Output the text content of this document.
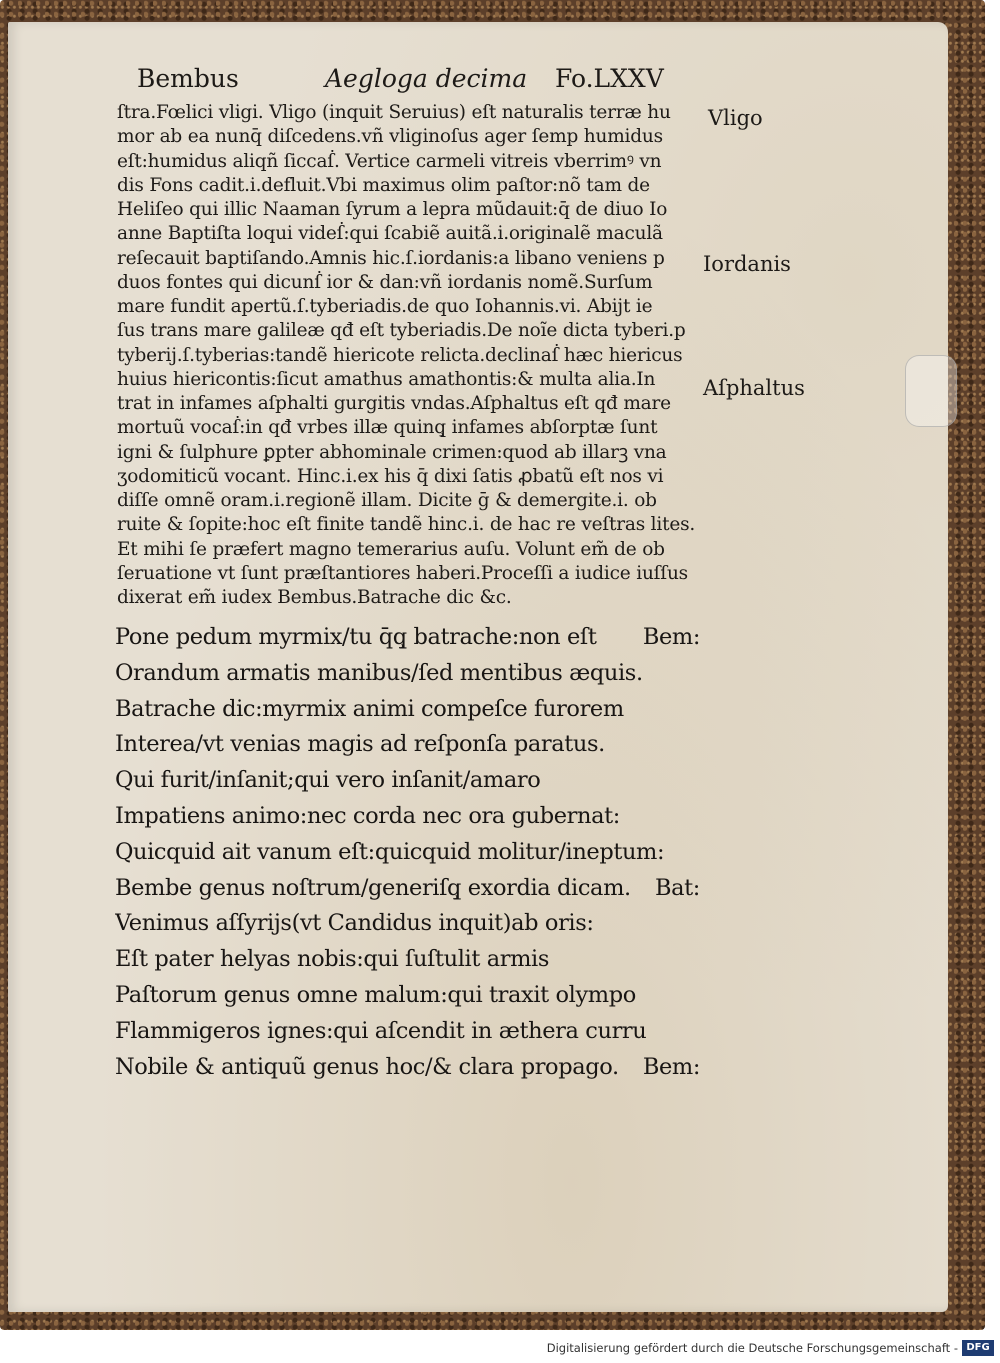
Bembus	Aegloga decima Fo.LXXV
ſtra.Fœlici vligi. Vligo (inquit Seruius) eſt naturalis terræ hu
mor ab ea nunq̄ diſcedens.vñ vliginoſus ager ſemp humidus
eſt:humidus aliqñ ſiccaẛ. Vertice carmeli vitreis vberrimꝰ vn
dis Fons cadit.i.defluit.Vbi maximus olim paſtor:nõ tam de
Heliſeo qui illic Naaman ſyrum a lepra mũdauit:q̄ de diuo Io
anne Baptiſta loqui videẛ:qui ſcabiẽ auitã.i.originalẽ maculã
reſecauit baptiſando.Amnis hic.ſ.iordanis:a libano veniens p
duos fontes qui dicunẛ ior & dan:vñ iordanis nomẽ.Surſum
mare fundit apertũ.ſ.tyberiadis.de quo Iohannis.vi. Abijt ie
ſus trans mare galileæ qđ eſt tyberiadis.De noĩe dicta tyberi.p
tyberij.ſ.tyberias:tandẽ hiericote relicta.declinaẛ hæc hiericus
huius hiericontis:ſicut amathus amathontis:& multa alia.In
trat in infames aſphalti gurgitis vndas.Aſphaltus eſt qđ mare
mortuũ vocaẛ:in qđ vrbes illæ quinq̧ infames abſorptæ ſunt
igni & ſulphure ꝑpter abhominale crimen:quod ab illarꝫ vna
ʒodomiticũ vocant. Hinc.i.ex his q̄ dixi ſatis ꝓbatũ eſt nos vi
diſſe omnẽ oram.i.regionẽ illam. Dicite ḡ & demergite.i. ob
ruite & ſopite:hoc eſt finite tandẽ hinc.i. de hac re veſtras lites.
Et mihi ſe præfert magno temerarius auſu. Volunt em̃ de ob
ſeruatione vt ſunt præſtantiores haberi.Proceſſi a iudice iuſſus
dixerat em̃ iudex Bembus.Batrache dic &c.
Vligo
Iordanis
Aſphaltus
Pone pedum myrmix/tu q̄q̧ batrache:non eſt Bem:
Orandum armatis manibus/ſed mentibus æquis.
Batrache dic:myrmix animi compeſce furorem
Interea/vt venias magis ad reſponſa paratus.
Qui furit/inſanit;qui vero inſanit/amaro
Impatiens animo:nec corda nec ora gubernat:
Quicquid ait vanum eſt:quicquid molitur/ineptum:
Bembe genus noſtrum/generiſq̧ exordia dicam. Bat:
Venimus aſſyrijs(vt Candidus inquit)ab oris:
Eſt pater helyas nobis:qui ſuſtulit armis
Paſtorum genus omne malum:qui traxit olympo
Flammigeros ignes:qui aſcendit in æthera curru
Nobile & antiquũ genus hoc/& clara propago. Bem:
Digitalisierung gefördert durch die Deutsche Forschungsgemeinschaft - DFG
